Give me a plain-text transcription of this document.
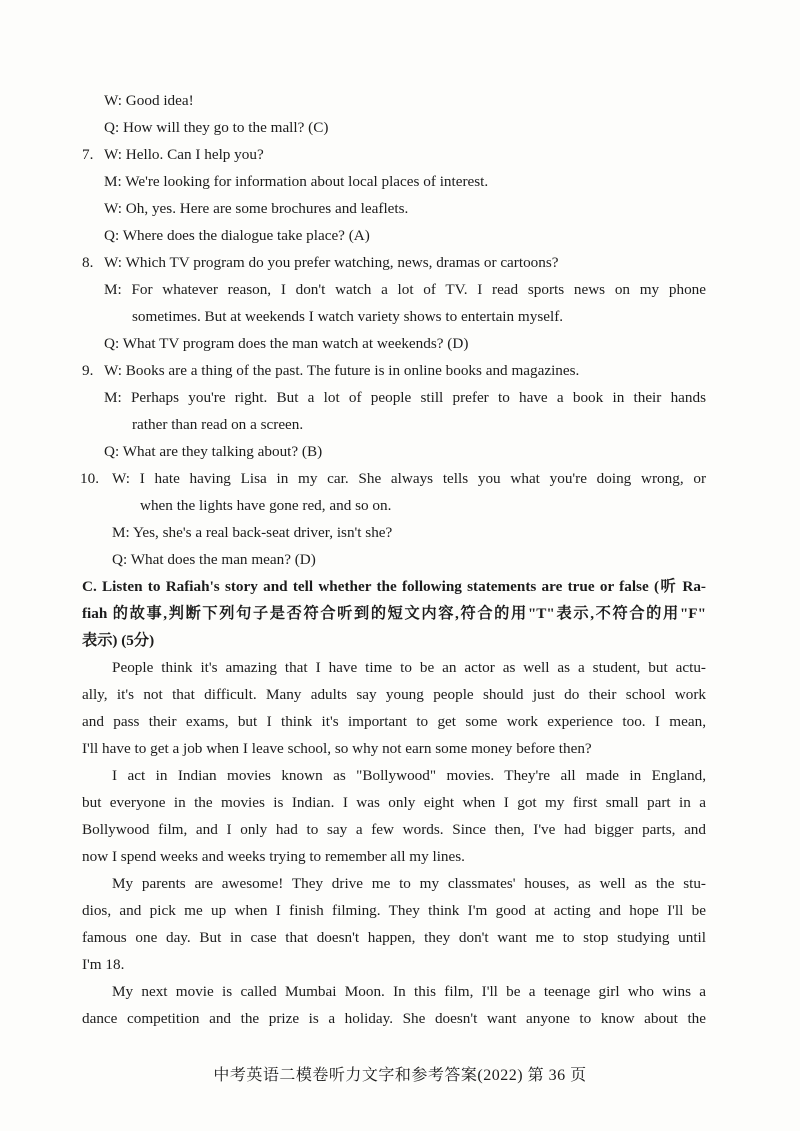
W: Good idea!
Q: How will they go to the mall? (C)
7. W: Hello. Can I help you?
M: We're looking for information about local places of interest.
W: Oh, yes. Here are some brochures and leaflets.
Q: Where does the dialogue take place? (A)
8. W: Which TV program do you prefer watching, news, dramas or cartoons?
M: For whatever reason, I don't watch a lot of TV. I read sports news on my phone
sometimes. But at weekends I watch variety shows to entertain myself.
Q: What TV program does the man watch at weekends? (D)
9. W: Books are a thing of the past. The future is in online books and magazines.
M: Perhaps you're right. But a lot of people still prefer to have a book in their hands
rather than read on a screen.
Q: What are they talking about? (B)
10. W: I hate having Lisa in my car. She always tells you what you're doing wrong, or
when the lights have gone red, and so on.
M: Yes, she's a real back-seat driver, isn't she?
Q: What does the man mean? (D)
C. Listen to Rafiah's story and tell whether the following statements are true or false (听 Ra-
fiah 的故事,判断下列句子是否符合听到的短文内容,符合的用"T"表示,不符合的用"F"
表示) (5分)
People think it's amazing that I have time to be an actor as well as a student, but actu-
ally, it's not that difficult. Many adults say young people should just do their school work
and pass their exams, but I think it's important to get some work experience too. I mean,
I'll have to get a job when I leave school, so why not earn some money before then?
I act in Indian movies known as "Bollywood" movies. They're all made in England,
but everyone in the movies is Indian. I was only eight when I got my first small part in a
Bollywood film, and I only had to say a few words. Since then, I've had bigger parts, and
now I spend weeks and weeks trying to remember all my lines.
My parents are awesome! They drive me to my classmates' houses, as well as the stu-
dios, and pick me up when I finish filming. They think I'm good at acting and hope I'll be
famous one day. But in case that doesn't happen, they don't want me to stop studying until
I'm 18.
My next movie is called Mumbai Moon. In this film, I'll be a teenage girl who wins a
dance competition and the prize is a holiday. She doesn't want anyone to know about the
中考英语二模卷听力文字和参考答案(2022) 第 36 页
